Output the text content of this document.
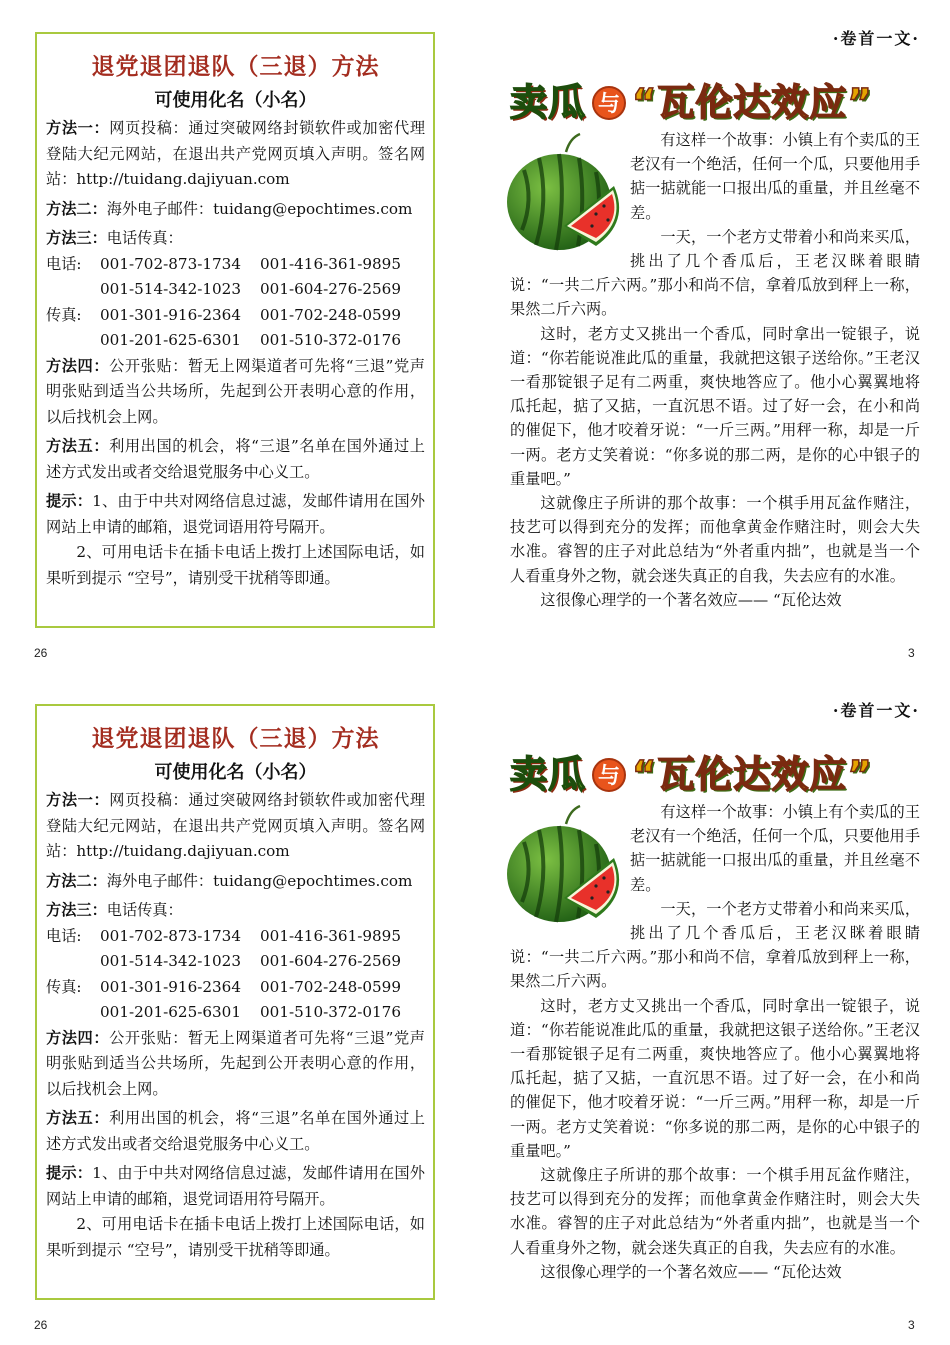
退党退团退队（三退）方法
可使用化名（小名）

方法一：网页投稿：通过突破网络封锁软件或加密代理登陆大纪元网站，在退出共产党网页填入声明。签名网站：http://tuidang.dajiyuan.com

方法二：海外电子邮件：tuidang@epochtimes.com

方法三：电话传真：

电话:	001-702-873-1734	001-416-361-9895
001-514-342-1023	001-604-276-2569
传真:	001-301-916-2364	001-702-248-0599
001-201-625-6301	001-510-372-0176

方法四：公开张贴：暂无上网渠道者可先将“三退”党声明张贴到适当公共场所，先起到公开表明心意的作用，以后找机会上网。

方法五：利用出国的机会，将“三退”名单在国外通过上述方式发出或者交给退党服务中心义工。

提示：1、由于中共对网络信息过滤，发邮件请用在国外网站上申请的邮箱，退党词语用符号隔开。

2、可用电话卡在插卡电话上拨打上述国际电话，如果听到提示 “空号”，请别受干扰稍等即通。

26
·卷首一文·
卖瓜 与 “瓦伦达效应”

有这样一个故事：小镇上有个卖瓜的王老汉有一个绝活，任何一个瓜，只要他用手掂一掂就能一口报出瓜的重量，并且丝毫不差。

一天，一个老方丈带着小和尚来买瓜，挑出了几个香瓜后，王老汉眯着眼睛说：“一共二斤六两。”那小和尚不信，拿着瓜放到秤上一称，果然二斤六两。

这时，老方丈又挑出一个香瓜，同时拿出一锭银子，说道：“你若能说准此瓜的重量，我就把这银子送给你。”王老汉一看那锭银子足有二两重，爽快地答应了。他小心翼翼地将瓜托起，掂了又掂，一直沉思不语。过了好一会，在小和尚的催促下，他才咬着牙说：“一斤三两。”用秤一称，却是一斤一两。老方丈笑着说：“你多说的那二两，是你的心中银子的重量吧。”

这就像庄子所讲的那个故事：一个棋手用瓦盆作赌注，技艺可以得到充分的发挥；而他拿黄金作赌注时，则会大失水准。睿智的庄子对此总结为“外者重内拙”，也就是当一个人看重身外之物，就会迷失真正的自我，失去应有的水准。

这很像心理学的一个著名效应—— “瓦伦达效

3
退党退团退队（三退）方法
可使用化名（小名）

方法一：网页投稿：通过突破网络封锁软件或加密代理登陆大纪元网站，在退出共产党网页填入声明。签名网站：http://tuidang.dajiyuan.com

方法二：海外电子邮件：tuidang@epochtimes.com

方法三：电话传真：

电话:	001-702-873-1734	001-416-361-9895
001-514-342-1023	001-604-276-2569
传真:	001-301-916-2364	001-702-248-0599
001-201-625-6301	001-510-372-0176

方法四：公开张贴：暂无上网渠道者可先将“三退”党声明张贴到适当公共场所，先起到公开表明心意的作用，以后找机会上网。

方法五：利用出国的机会，将“三退”名单在国外通过上述方式发出或者交给退党服务中心义工。

提示：1、由于中共对网络信息过滤，发邮件请用在国外网站上申请的邮箱，退党词语用符号隔开。

2、可用电话卡在插卡电话上拨打上述国际电话，如果听到提示 “空号”，请别受干扰稍等即通。

26
·卷首一文·
卖瓜 与 “瓦伦达效应”

有这样一个故事：小镇上有个卖瓜的王老汉有一个绝活，任何一个瓜，只要他用手掂一掂就能一口报出瓜的重量，并且丝毫不差。

一天，一个老方丈带着小和尚来买瓜，挑出了几个香瓜后，王老汉眯着眼睛说：“一共二斤六两。”那小和尚不信，拿着瓜放到秤上一称，果然二斤六两。

这时，老方丈又挑出一个香瓜，同时拿出一锭银子，说道：“你若能说准此瓜的重量，我就把这银子送给你。”王老汉一看那锭银子足有二两重，爽快地答应了。他小心翼翼地将瓜托起，掂了又掂，一直沉思不语。过了好一会，在小和尚的催促下，他才咬着牙说：“一斤三两。”用秤一称，却是一斤一两。老方丈笑着说：“你多说的那二两，是你的心中银子的重量吧。”

这就像庄子所讲的那个故事：一个棋手用瓦盆作赌注，技艺可以得到充分的发挥；而他拿黄金作赌注时，则会大失水准。睿智的庄子对此总结为“外者重内拙”，也就是当一个人看重身外之物，就会迷失真正的自我，失去应有的水准。

这很像心理学的一个著名效应—— “瓦伦达效

3
